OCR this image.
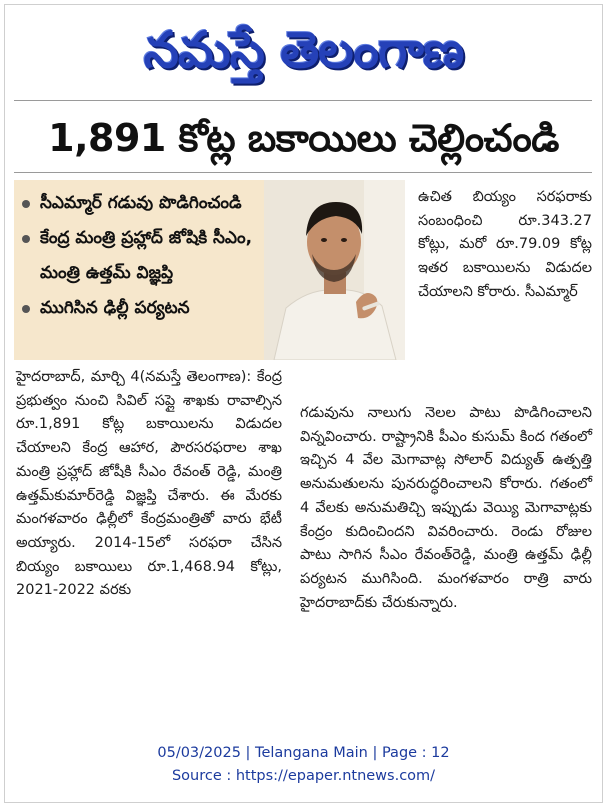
నమస్తే తెలంగాణ
1,891 కోట్ల బకాయిలు చెల్లించండి
సీఎమ్మార్ గడువు పొడిగించండి
కేంద్ర మంత్రి ప్రహ్లాద్ జోషికి సీఎం, మంత్రి ఉత్తమ్ విజ్ఞప్తి
ముగిసిన ఢిల్లీ పర్యటన

ఉచిత బియ్యం సరఫరాకు సంబంధించి రూ.343.27 కోట్లు, మరో రూ.79.09 కోట్ల ఇతర బకాయిలను విడుదల చేయాలని కోరారు. సీఎమ్మార్

హైదరాబాద్, మార్చి 4(నమస్తే తెలంగాణ): కేంద్ర ప్రభుత్వం నుంచి సివిల్ సప్లై శాఖకు రావాల్సిన రూ.1,891 కోట్ల బకాయిలను విడుదల చేయాలని కేంద్ర ఆహార, పౌరసరఫరాల శాఖ మంత్రి ప్రహ్లాద్ జోషీకి సీఎం రేవంత్ రెడ్డి, మంత్రి ఉత్తమ్‌కుమార్‌రెడ్డి విజ్ఞప్తి చేశారు. ఈ మేరకు మంగళవారం ఢిల్లీలో కేంద్రమంత్రితో వారు భేటీ అయ్యారు. 2014-15లో సరఫరా చేసిన బియ్యం బకాయిలు రూ.1,468.94 కోట్లు, 2021-2022 వరకు

గడువును నాలుగు నెలల పాటు పొడిగించాలని విన్నవించారు. రాష్ట్రానికి పీఎం కుసుమ్ కింద గతంలో ఇచ్చిన 4 వేల మెగావాట్ల సోలార్ విద్యుత్ ఉత్పత్తి అనుమతులను పునరుద్ధరించాలని కోరారు. గతంలో 4 వేలకు అనుమతిచ్చి ఇప్పుడు వెయ్యి మెగావాట్లకు కేంద్రం కుదించిందని వివరించారు. రెండు రోజుల పాటు సాగిన సీఎం రేవంత్‌రెడ్డి, మంత్రి ఉత్తమ్ ఢిల్లీ పర్యటన ముగిసింది. మంగళవారం రాత్రి వారు హైదరాబాద్‌కు చేరుకున్నారు.

05/03/2025 | Telangana Main | Page : 12
Source : https://epaper.ntnews.com/
